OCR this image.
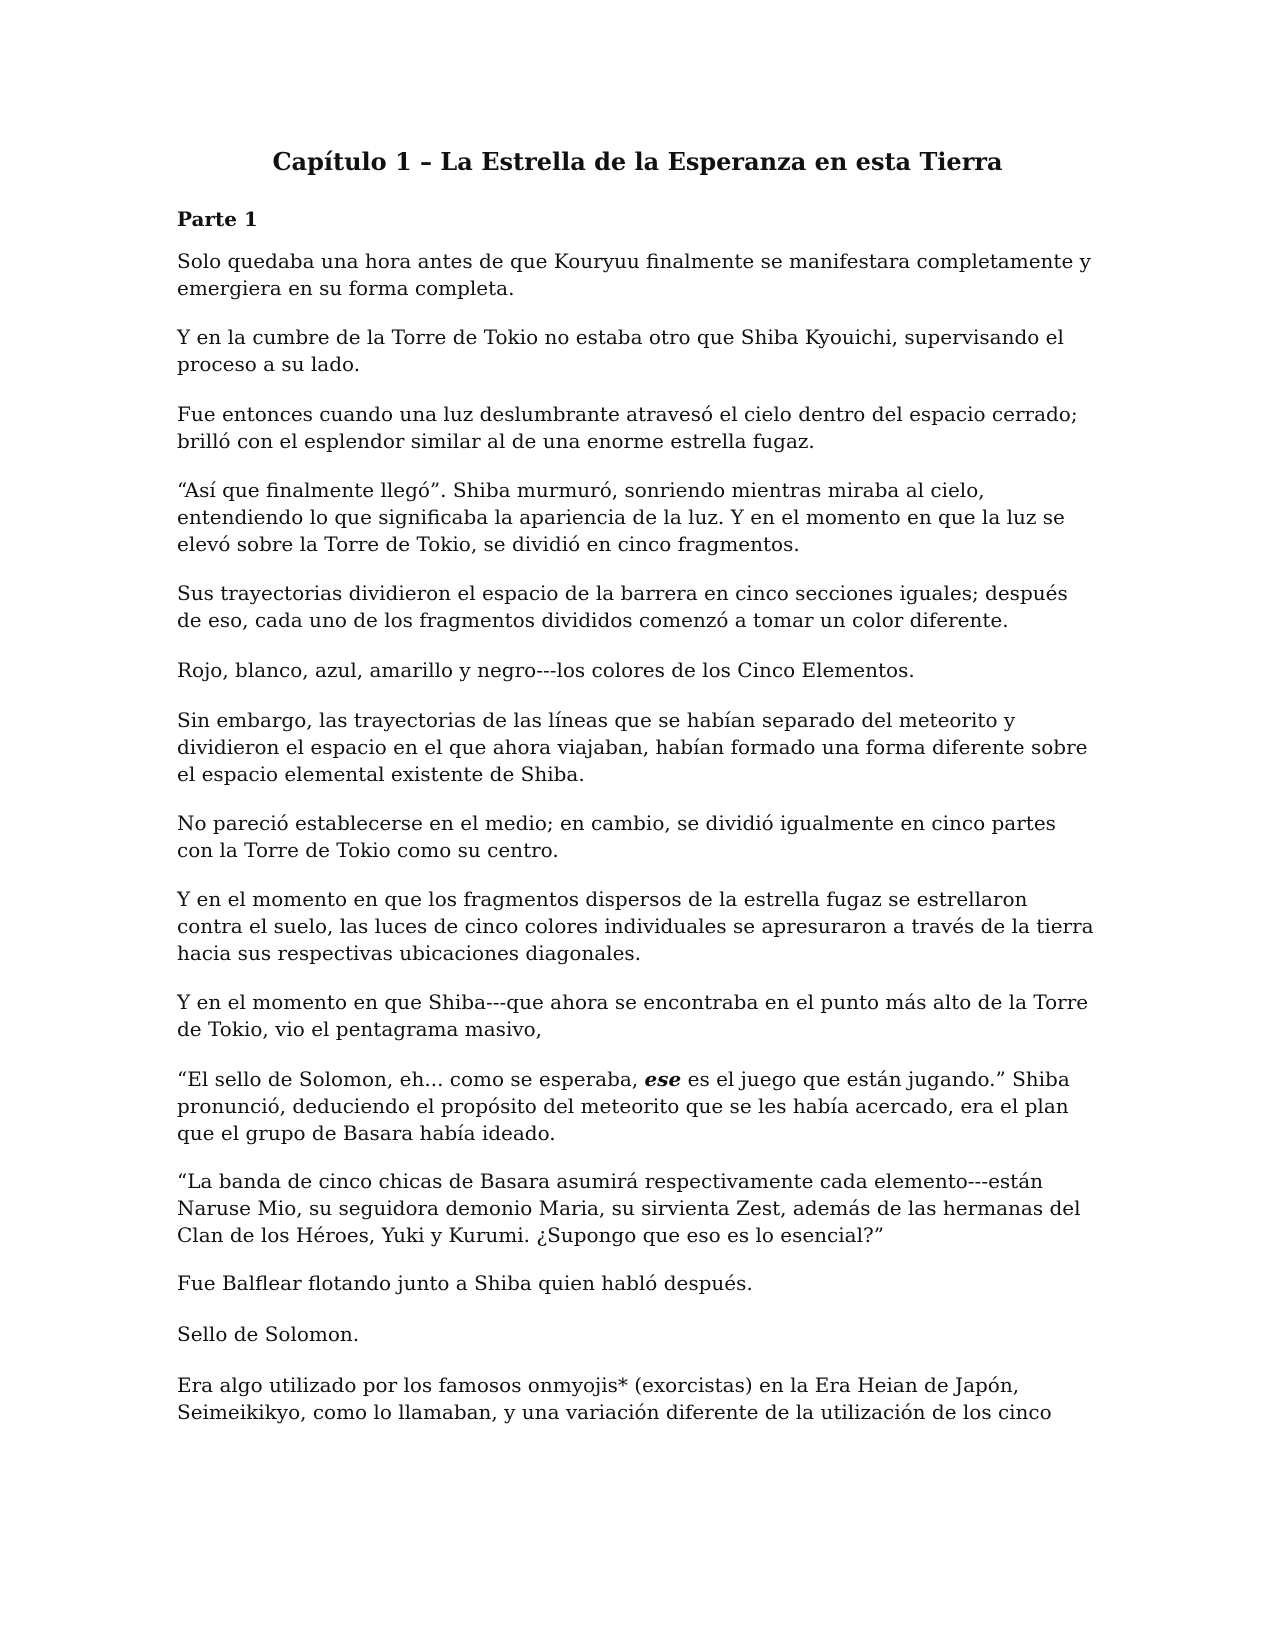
Capítulo 1 – La Estrella de la Esperanza en esta Tierra
Parte 1

Solo quedaba una hora antes de que Kouryuu finalmente se manifestara completamente y emergiera en su forma completa.

Y en la cumbre de la Torre de Tokio no estaba otro que Shiba Kyouichi, supervisando el proceso a su lado.

Fue entonces cuando una luz deslumbrante atravesó el cielo dentro del espacio cerrado; brilló con el esplendor similar al de una enorme estrella fugaz.

“Así que finalmente llegó”. Shiba murmuró, sonriendo mientras miraba al cielo, entendiendo lo que significaba la apariencia de la luz. Y en el momento en que la luz se elevó sobre la Torre de Tokio, se dividió en cinco fragmentos.

Sus trayectorias dividieron el espacio de la barrera en cinco secciones iguales; después de eso, cada uno de los fragmentos divididos comenzó a tomar un color diferente.

Rojo, blanco, azul, amarillo y negro---los colores de los Cinco Elementos.

Sin embargo, las trayectorias de las líneas que se habían separado del meteorito y dividieron el espacio en el que ahora viajaban, habían formado una forma diferente sobre el espacio elemental existente de Shiba.

No pareció establecerse en el medio; en cambio, se dividió igualmente en cinco partes con la Torre de Tokio como su centro.

Y en el momento en que los fragmentos dispersos de la estrella fugaz se estrellaron contra el suelo, las luces de cinco colores individuales se apresuraron a través de la tierra hacia sus respectivas ubicaciones diagonales.

Y en el momento en que Shiba---que ahora se encontraba en el punto más alto de la Torre de Tokio, vio el pentagrama masivo,

“El sello de Solomon, eh... como se esperaba, ese es el juego que están jugando.” Shiba pronunció, deduciendo el propósito del meteorito que se les había acercado, era el plan que el grupo de Basara había ideado.

“La banda de cinco chicas de Basara asumirá respectivamente cada elemento---están Naruse Mio, su seguidora demonio Maria, su sirvienta Zest, además de las hermanas del Clan de los Héroes, Yuki y Kurumi. ¿Supongo que eso es lo esencial?”

Fue Balflear flotando junto a Shiba quien habló después.

Sello de Solomon.

Era algo utilizado por los famosos onmyojis* (exorcistas) en la Era Heian de Japón, Seimeikikyo, como lo llamaban, y una variación diferente de la utilización de los cinco
